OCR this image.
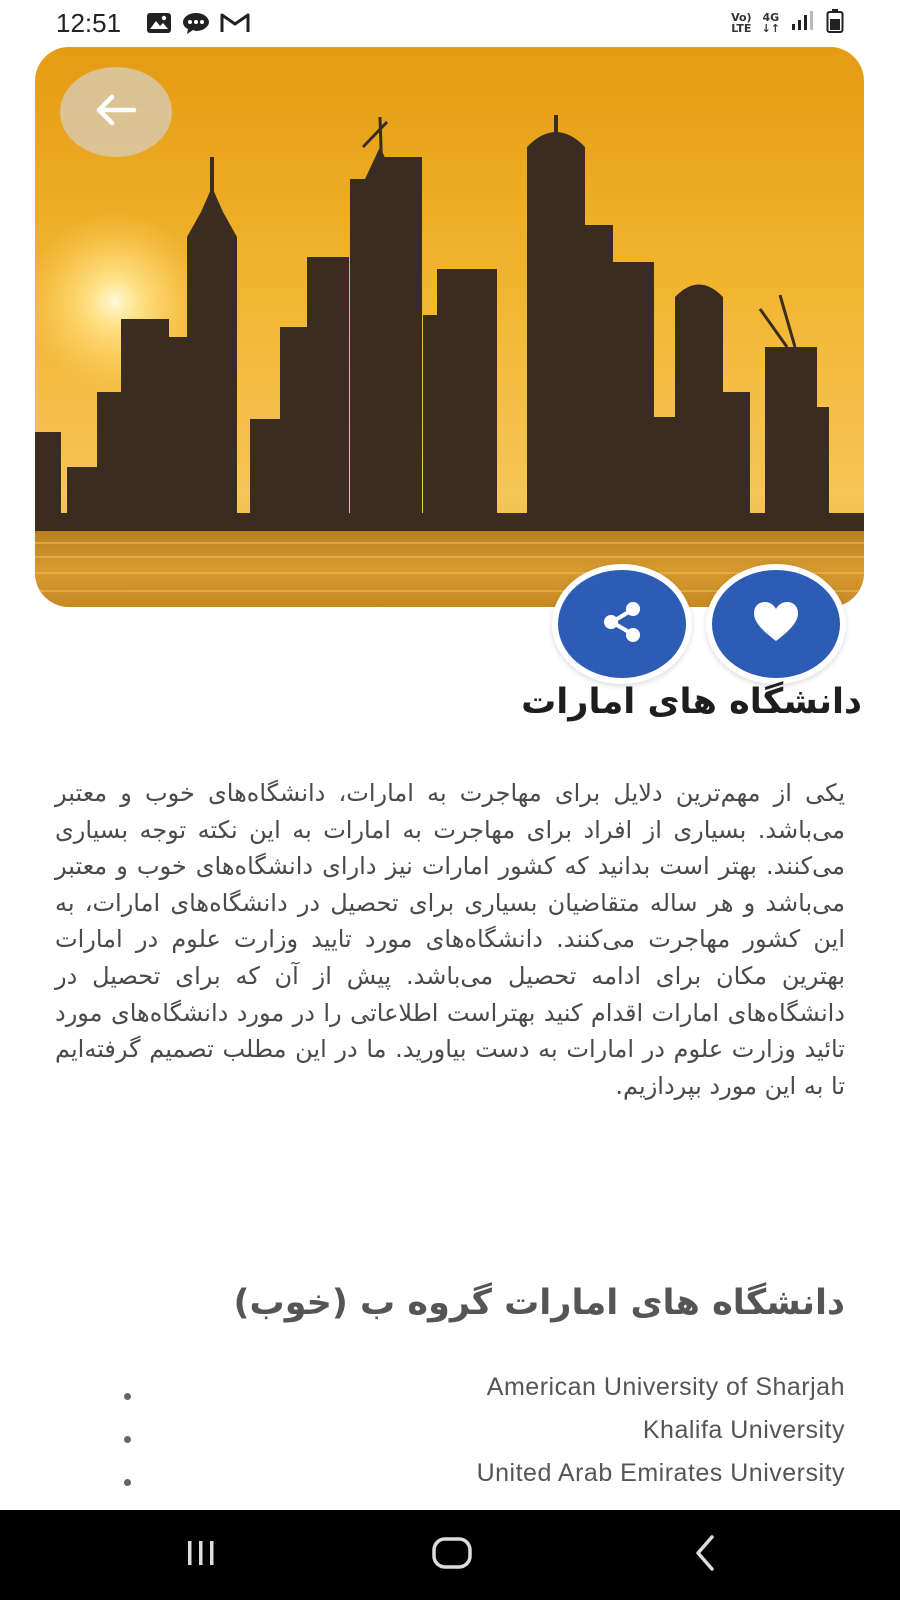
12:51	Vo)
LTE
4G
↓↑
دانشگاه های امارات
یکی از مهم‌ترین دلایل برای مهاجرت به امارات، دانشگاه‌های خوب و معتبر می‌باشد. بسیاری از افراد برای مهاجرت به امارات به این نکته توجه بسیاری می‌کنند. بهتر است بدانید که کشور امارات نیز دارای دانشگاه‌های خوب و معتبر می‌باشد و هر ساله متقاضیان بسیاری برای تحصیل در دانشگاه‌های امارات، به این کشور مهاجرت می‌کنند. دانشگاه‌های مورد تایید وزارت علوم در امارات بهترین مکان برای ادامه تحصیل می‌باشد. پیش از آن که برای تحصیل در دانشگاه‌های امارات اقدام کنید بهتراست اطلاعاتی را در مورد دانشگاه‌های مورد تائید وزارت علوم در امارات به دست بیاورید. ما در این مطلب تصمیم گرفته‌ایم تا به این مورد بپردازیم.
دانشگاه های امارات گروه ب (خوب)
American University of Sharjah
Khalifa University
United Arab Emirates University
